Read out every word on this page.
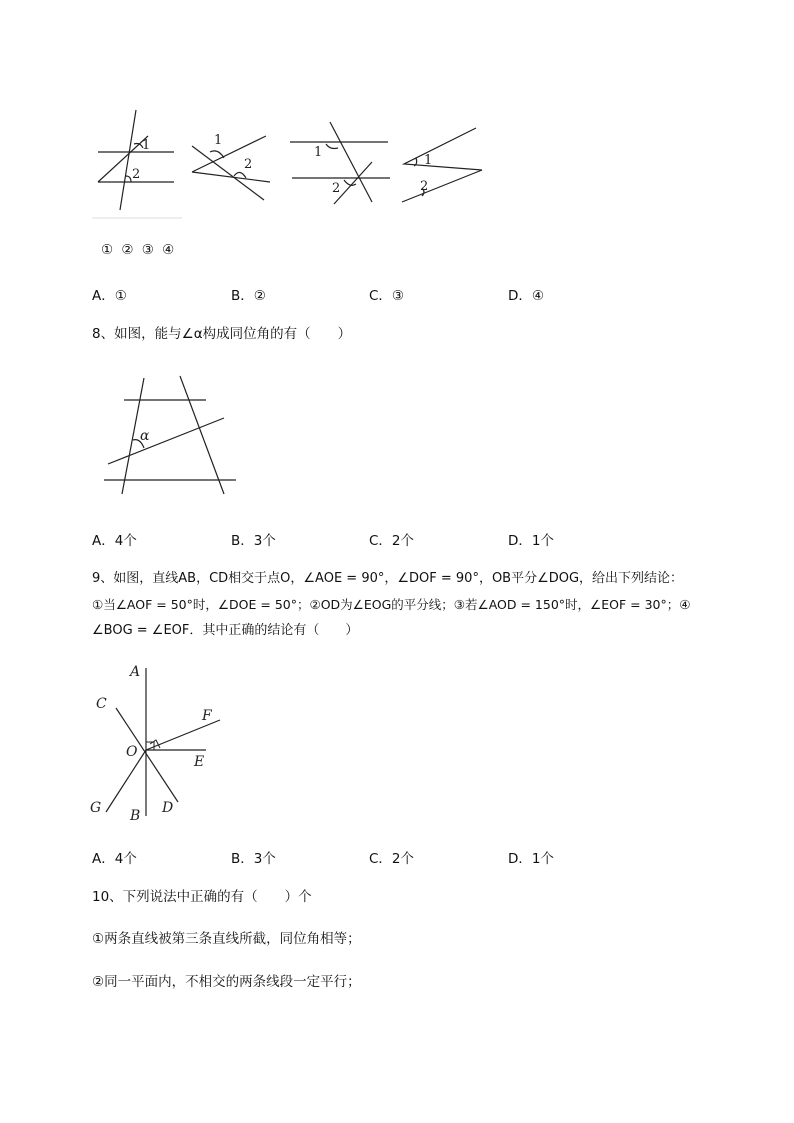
1
2
1
2
1
2
1
2
① ② ③ ④
A．①	B．②	C．③	D．④
8、如图，能与∠α构成同位角的有（　　）
α
A．4个	B．3个	C．2个	D．1个
9、如图，直线AB，CD相交于点O，∠AOE = 90°，∠DOF = 90°，OB平分∠DOG，给出下列结论：
①当∠AOF = 50°时，∠DOE = 50°；②OD为∠EOG的平分线；③若∠AOD = 150°时，∠EOF = 30°；④
∠BOG = ∠EOF．其中正确的结论有（　　）
A
C
F
O
E
G B D
A．4个	B．3个	C．2个	D．1个
10、下列说法中正确的有（　　）个
①两条直线被第三条直线所截，同位角相等；
②同一平面内，不相交的两条线段一定平行；
